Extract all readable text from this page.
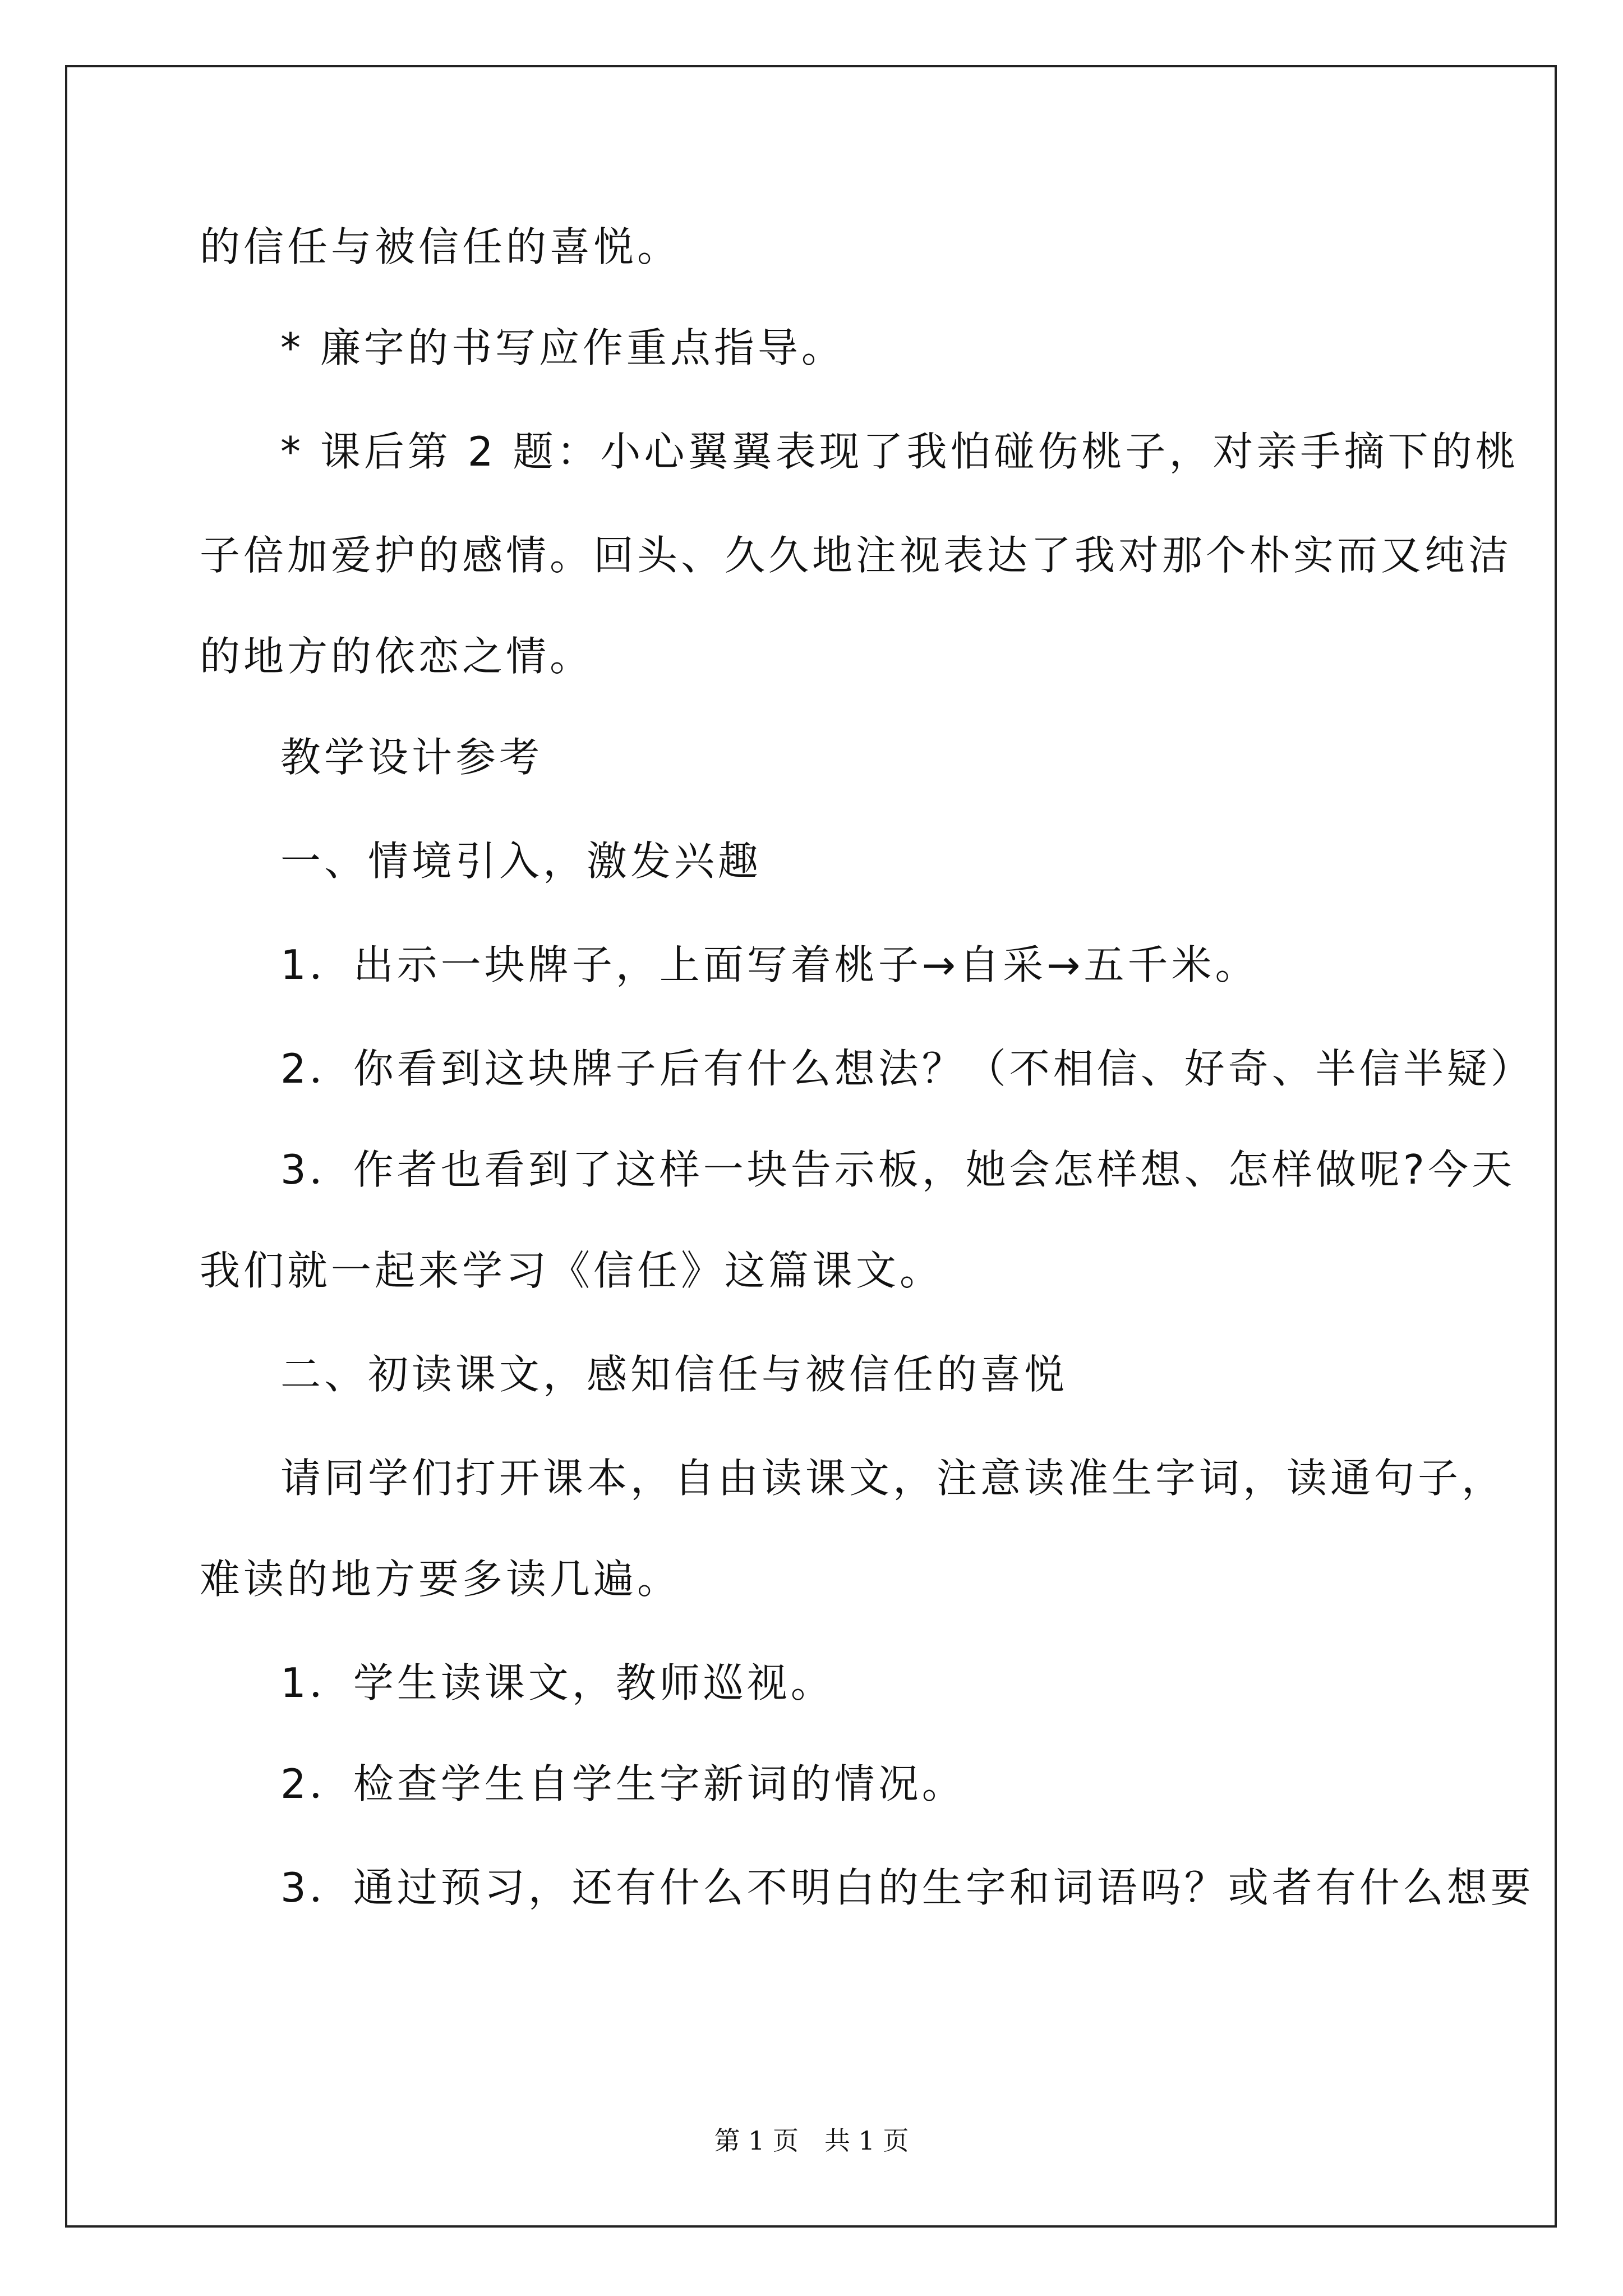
的信任与被信任的喜悦。
* 廉字的书写应作重点指导。
* 课后第 2 题：小心翼翼表现了我怕碰伤桃子，对亲手摘下的桃
子倍加爱护的感情。回头、久久地注视表达了我对那个朴实而又纯洁
的地方的依恋之情。
教学设计参考
一、情境引入，激发兴趣
1．出示一块牌子，上面写着桃子→自采→五千米。
2．你看到这块牌子后有什么想法？（不相信、好奇、半信半疑）
3．作者也看到了这样一块告示板，她会怎样想、怎样做呢?今天
我们就一起来学习《信任》这篇课文。
二、初读课文，感知信任与被信任的喜悦
请同学们打开课本，自由读课文，注意读准生字词，读通句子，
难读的地方要多读几遍。
1．学生读课文，教师巡视。
2．检查学生自学生字新词的情况。
3．通过预习，还有什么不明白的生字和词语吗？或者有什么想要
第 1 页 共 1 页
